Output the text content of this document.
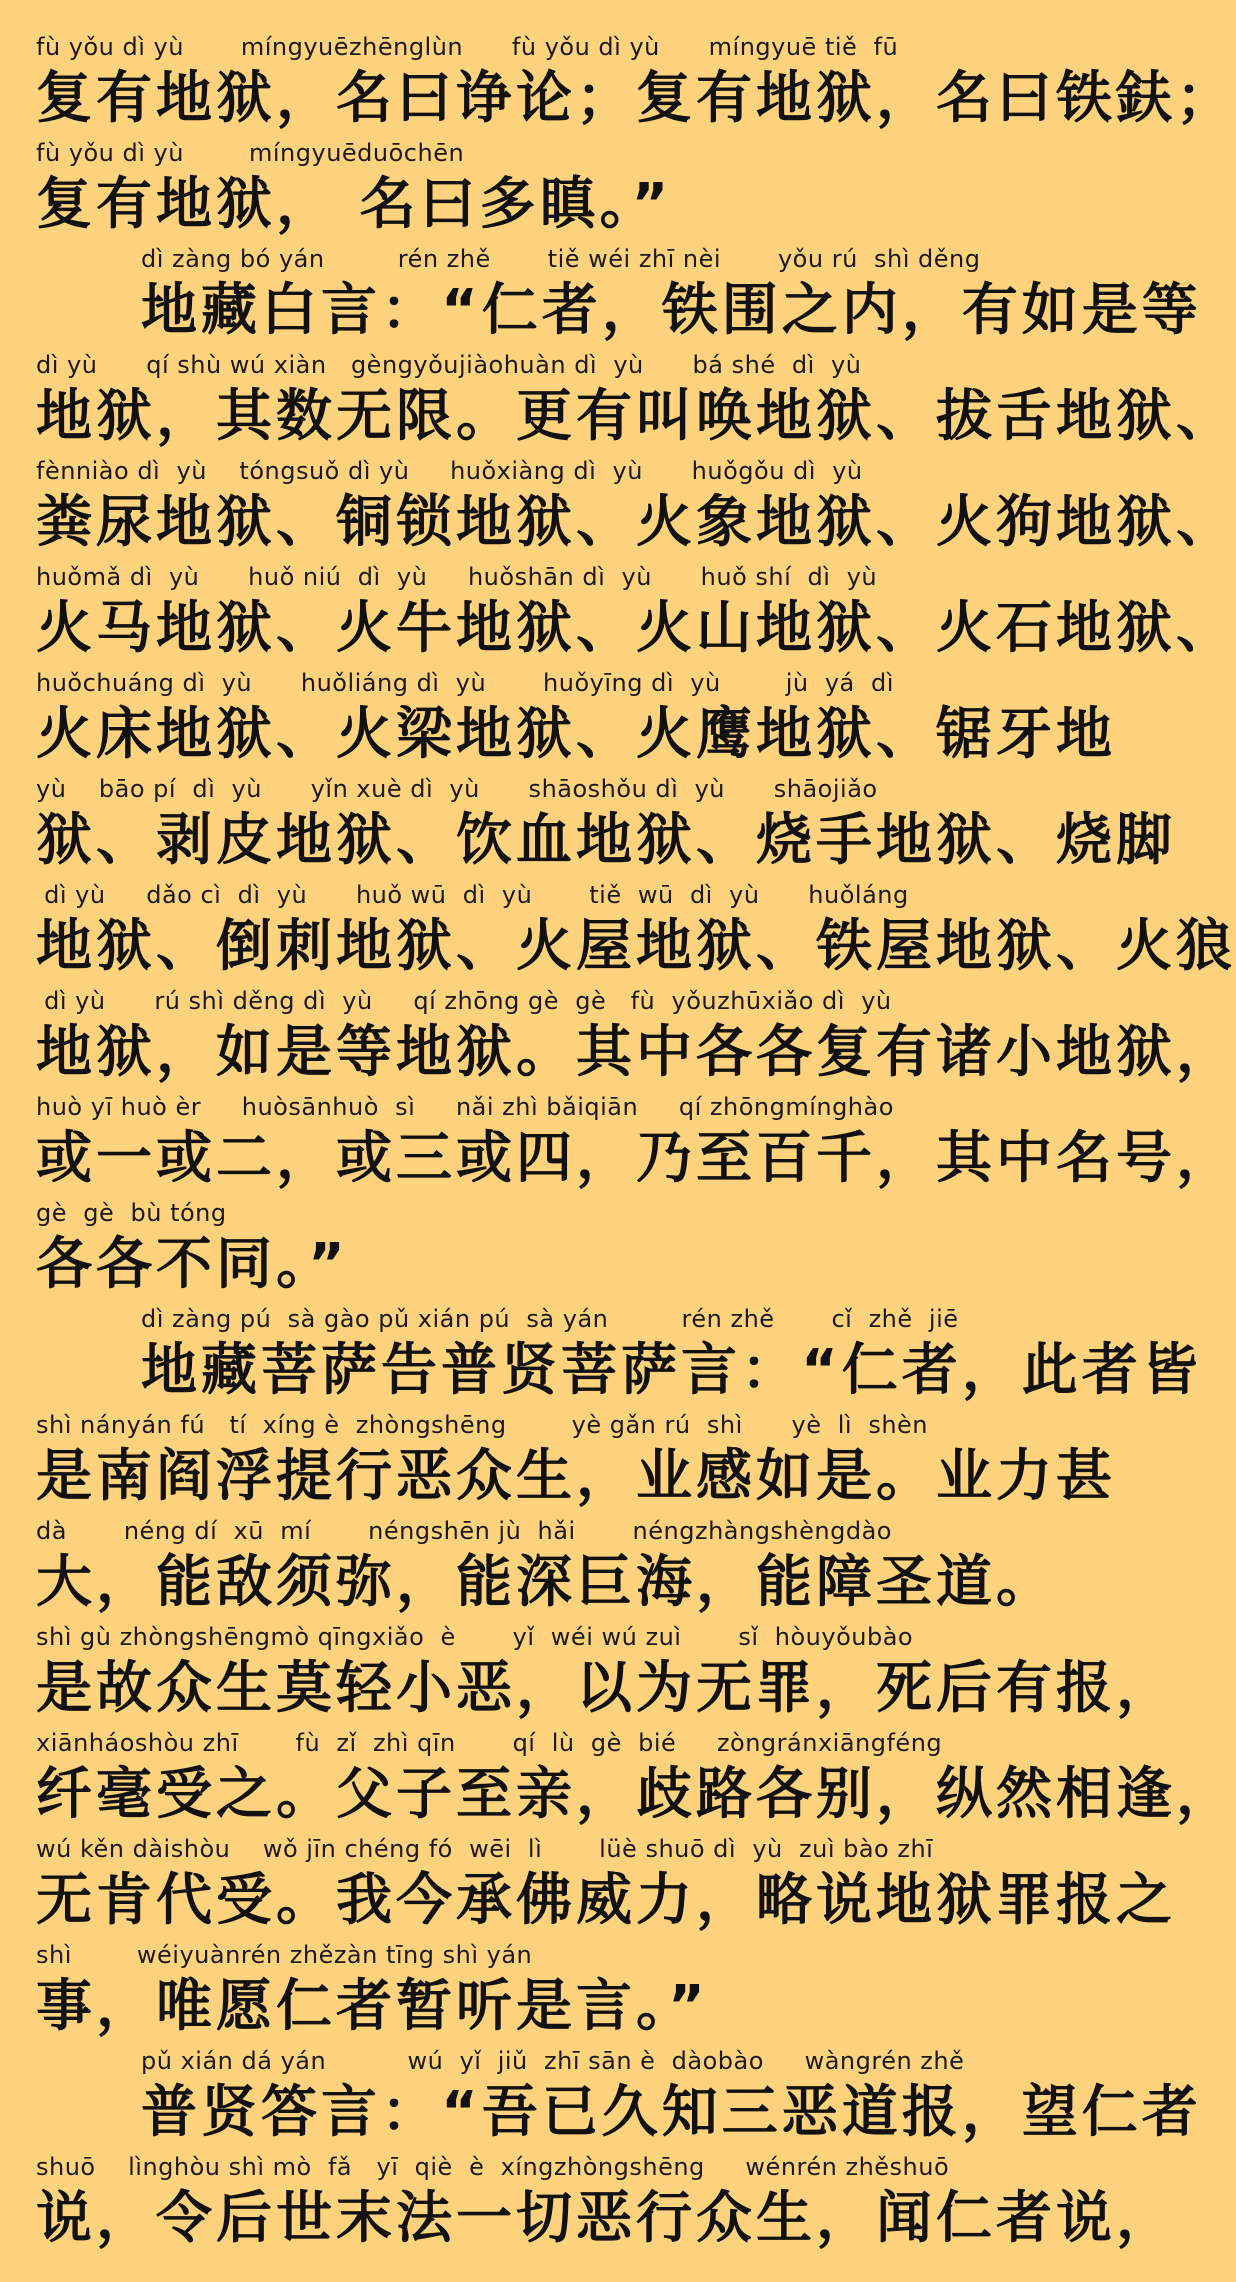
fù yǒu dì yù       míngyuēzhēnglùn      fù yǒu dì yù      míngyuē tiě  fū
复有地狱，名曰诤论；复有地狱，名曰铁鈇；
fù yǒu dì yù        míngyuēduōchēn
复有地狱， 名曰多瞋。”
dì zàng bó yán         rén zhě       tiě wéi zhī nèi       yǒu rú  shì děng
地藏白言：“仁者，铁围之内，有如是等
dì yù      qí shù wú xiàn   gèngyǒujiàohuàn dì  yù      bá shé  dì  yù
地狱，其数无限。更有叫唤地狱、拔舌地狱、
fènniào dì  yù    tóngsuǒ dì yù     huǒxiàng dì  yù      huǒgǒu dì  yù
粪尿地狱、铜锁地狱、火象地狱、火狗地狱、
huǒmǎ dì  yù      huǒ niú  dì  yù     huǒshān dì  yù      huǒ shí  dì  yù
火马地狱、火牛地狱、火山地狱、火石地狱、
huǒchuáng dì  yù      huǒliáng dì  yù       huǒyīng dì  yù        jù  yá  dì
火床地狱、火梁地狱、火鹰地狱、锯牙地
yù    bāo pí  dì  yù      yǐn xuè dì  yù      shāoshǒu dì  yù      shāojiǎo
狱、剥皮地狱、饮血地狱、烧手地狱、烧脚
dì yù     dǎo cì  dì  yù      huǒ wū  dì  yù       tiě  wū  dì  yù      huǒláng
地狱、倒刺地狱、火屋地狱、铁屋地狱、火狼
dì yù      rú shì děng dì  yù     qí zhōng gè  gè   fù  yǒuzhūxiǎo dì  yù
地狱，如是等地狱。其中各各复有诸小地狱，
huò yī huò èr     huòsānhuò  sì     nǎi zhì bǎiqiān     qí zhōngmínghào
或一或二，或三或四，乃至百千，其中名号，
gè  gè  bù tóng
各各不同。”
dì zàng pú  sà gào pǔ xián pú  sà yán         rén zhě       cǐ  zhě  jiē
地藏菩萨告普贤菩萨言：“仁者，此者皆
shì nányán fú   tí  xíng è  zhòngshēng        yè gǎn rú  shì      yè  lì  shèn
是南阎浮提行恶众生，业感如是。业力甚
dà       néng dí  xū  mí       néngshēn jù  hǎi       néngzhàngshèngdào
大，能敌须弥，能深巨海，能障圣道。
shì gù zhòngshēngmò qīngxiǎo  è       yǐ  wéi wú zuì       sǐ  hòuyǒubào
是故众生莫轻小恶，以为无罪，死后有报，
xiānháoshòu zhī       fù  zǐ  zhì qīn       qí  lù  gè  bié     zòngránxiāngféng
纤毫受之。父子至亲，歧路各别，纵然相逢，
wú kěn dàishòu    wǒ jīn chéng fó  wēi  lì       lüè shuō dì  yù  zuì bào zhī
无肯代受。我今承佛威力，略说地狱罪报之
shì        wéiyuànrén zhězàn tīng shì yán
事，唯愿仁者暂听是言。”
pǔ xián dá yán          wú  yǐ  jiǔ  zhī sān è  dàobào     wàngrén zhě
普贤答言：“吾已久知三恶道报，望仁者
shuō    lìnghòu shì mò  fǎ   yī  qiè  è  xíngzhòngshēng     wénrén zhěshuō
说，令后世末法一切恶行众生，闻仁者说，
